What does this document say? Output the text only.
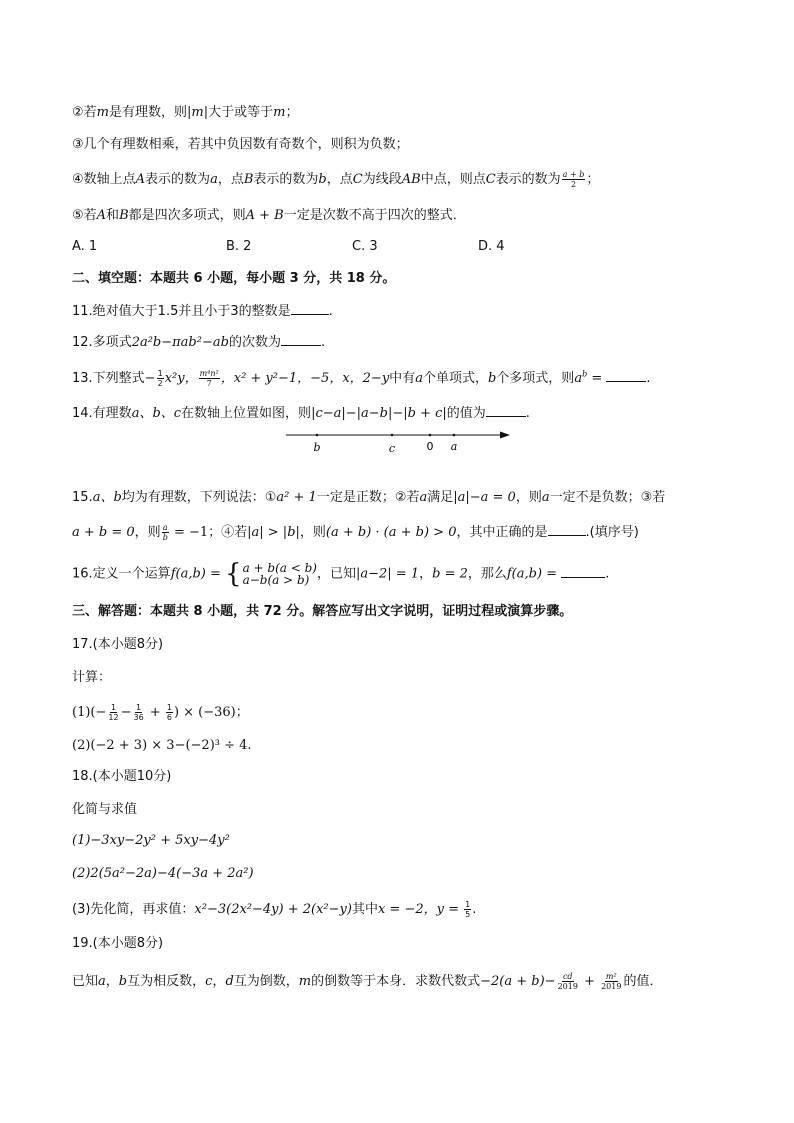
②若m是有理数，则|m|大于或等于m；
③几个有理数相乘，若其中负因数有奇数个，则积为负数；
④数轴上点A表示的数为a，点B表示的数为b，点C为线段AB中点，则点C表示的数为 $\frac{a + b}{2}$ ；
⑤若A和B都是四次多项式，则A + B一定是次数不高于四次的整式．
A. 1	B. 2	C. 3	D. 4
二、填空题：本题共 6 小题，每小题 3 分，共 18 分。
11.绝对值大于1.5并且小于3的整数是	.
12.多项式2a²b−πab²−ab的次数为	.
13.下列整式− $\frac{1}{2} x^2y$， $\frac{\text{m⁴n²}}{7}$ ，x² + y²−1，−5，x，2−y中有a个单项式，b个多项式，则$a^b$ =	.
14.有理数a、b、c在数轴上位置如图，则|c−a|−|a−b|−|b + c|的值为	.
b	c	0 a
15.a、b均为有理数，下列说法：①a² + 1一定是正数；②若a满足|a|−a = 0，则a一定不是负数；③若
a + b = 0，则 $\frac{a}{b} = -1$；④若|a| > |b|，则(a + b) · (a + b) > 0，其中正确的是	.(填序号)
16.定义一个运算f(a,b) = { a + b(a < b)
a−b(a > b) ，已知|a−2| = 1，b = 2，那么f(a,b) =	.
三、解答题：本题共 8 小题，共 72 分。解答应写出文字说明，证明过程或演算步骤。
17.(本小题8分)
计算：
$(1)(- \frac{1}{12} - \frac{1}{36} + \frac{1}{6}$ ) × (−36)；
(2)(−2 + 3) × 3−(−2)³ ÷ 4.
18.(本小题10分)
化简与求值
(1)−3xy−2y² + 5xy−4y²
(2)2(5a²−2a)−4(−3a + 2a²)
(3)先化简，再求值：x²−3(2x²−4y) + 2(x²−y)其中x = −2，$y = \frac{1}{5}$ .
19.(本小题8分)
已知a，b互为相反数，c，d互为倒数，m的倒数等于本身．求数代数式$-2(a + b)- \frac{cd}{2019} + \frac{\text{m²}}{2019}$ 的值．
